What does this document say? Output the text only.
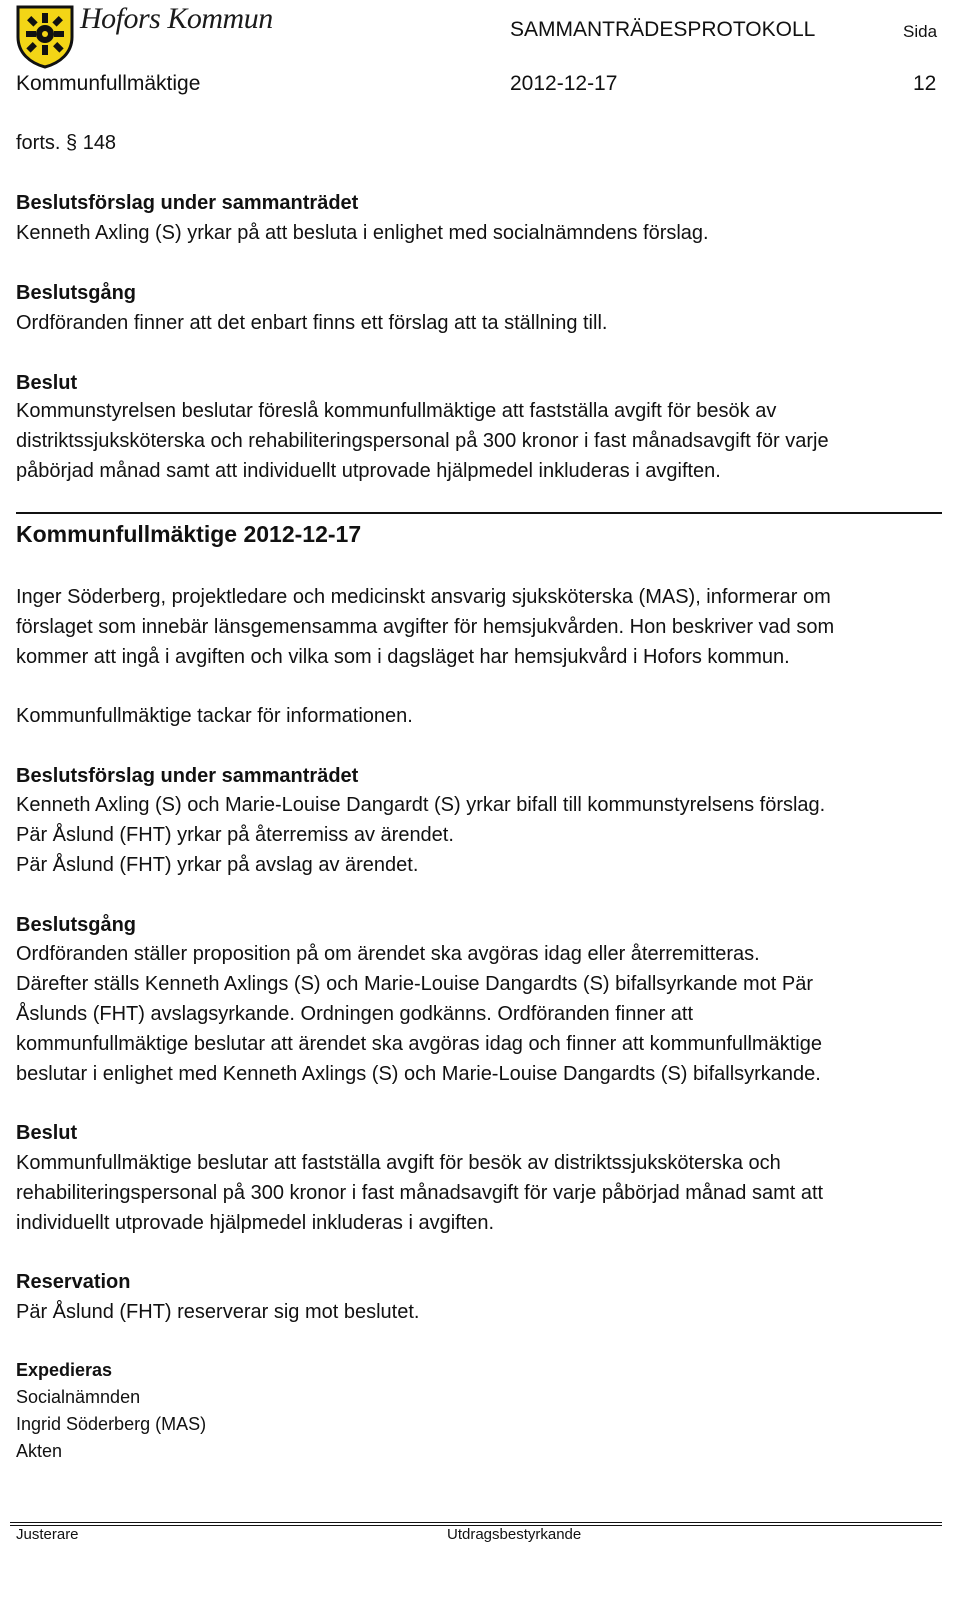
Hofors Kommun	SAMMANTRÄDESPROTOKOLL	Sida
Kommunfullmäktige	2012-12-17	12
forts. § 148
Beslutsförslag under sammanträdet
Kenneth Axling (S) yrkar på att besluta i enlighet med socialnämndens förslag.
Beslutsgång
Ordföranden finner att det enbart finns ett förslag att ta ställning till.
Beslut
Kommunstyrelsen beslutar föreslå kommunfullmäktige att fastställa avgift för besök av
distriktssjuksköterska och rehabiliteringspersonal på 300 kronor i fast månadsavgift för varje
påbörjad månad samt att individuellt utprovade hjälpmedel inkluderas i avgiften.
Kommunfullmäktige 2012-12-17
Inger Söderberg, projektledare och medicinskt ansvarig sjuksköterska (MAS), informerar om
förslaget som innebär länsgemensamma avgifter för hemsjukvården. Hon beskriver vad som
kommer att ingå i avgiften och vilka som i dagsläget har hemsjukvård i Hofors kommun.
Kommunfullmäktige tackar för informationen.
Beslutsförslag under sammanträdet
Kenneth Axling (S) och Marie-Louise Dangardt (S) yrkar bifall till kommunstyrelsens förslag.
Pär Åslund (FHT) yrkar på återremiss av ärendet.
Pär Åslund (FHT) yrkar på avslag av ärendet.
Beslutsgång
Ordföranden ställer proposition på om ärendet ska avgöras idag eller återremitteras.
Därefter ställs Kenneth Axlings (S) och Marie-Louise Dangardts (S) bifallsyrkande mot Pär
Åslunds (FHT) avslagsyrkande. Ordningen godkänns. Ordföranden finner att
kommunfullmäktige beslutar att ärendet ska avgöras idag och finner att kommunfullmäktige
beslutar i enlighet med Kenneth Axlings (S) och Marie-Louise Dangardts (S) bifallsyrkande.
Beslut
Kommunfullmäktige beslutar att fastställa avgift för besök av distriktssjuksköterska och
rehabiliteringspersonal på 300 kronor i fast månadsavgift för varje påbörjad månad samt att
individuellt utprovade hjälpmedel inkluderas i avgiften.
Reservation
Pär Åslund (FHT) reserverar sig mot beslutet.
Expedieras
Socialnämnden
Ingrid Söderberg (MAS)
Akten
Justerare	Utdragsbestyrkande
